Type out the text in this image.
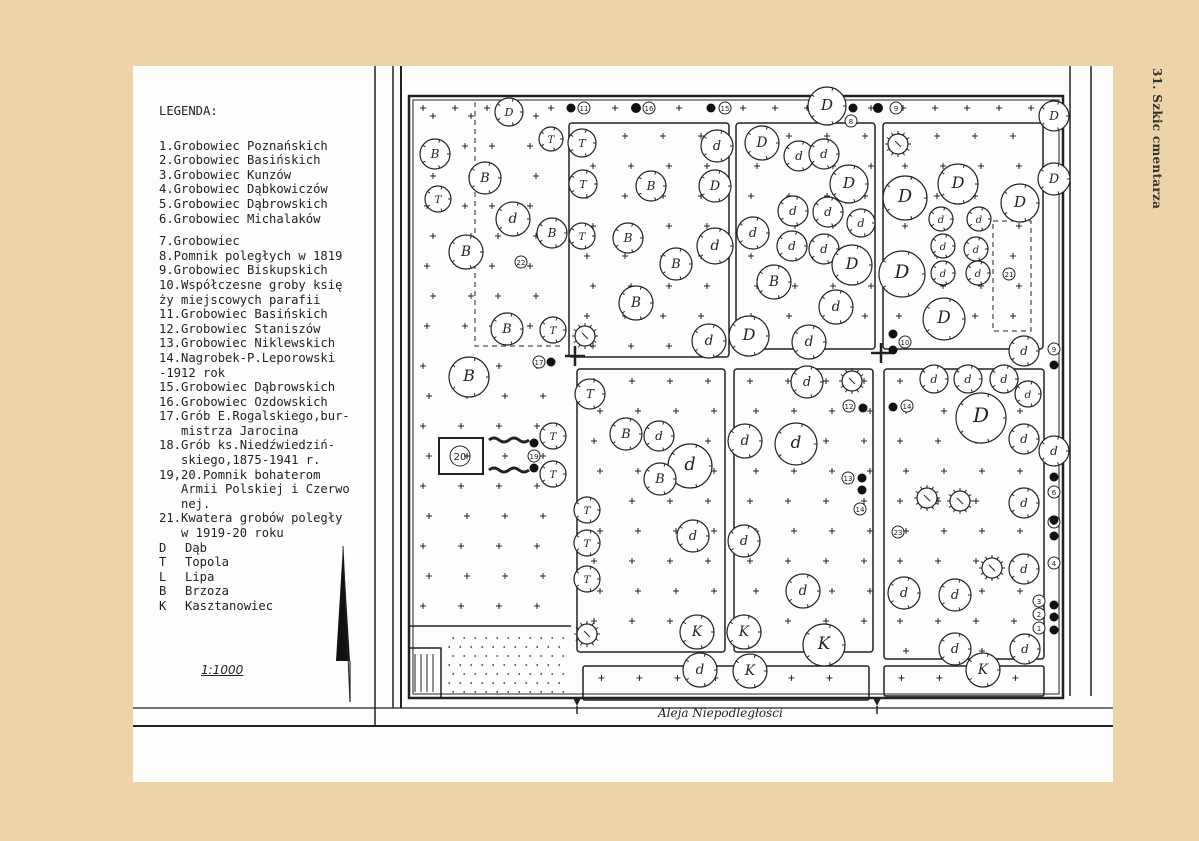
20
D	D
D
B
T	d	D
d d
D
B
T
T
T	B	D	D
D
D
D
d
B T	B	d
d
d d
d	d	d
B
B
d d
D D
d	d
d	d
B
B	d	D
B	T
d D	d
d
B
T
d	d d	d
d
D
B d	d d	d
d
d
B
T
T
T
T
T
d	d
d
d
d	d
d
K	K
K	d	d
d	K	K
17
11	16	15	9
8
10
14
12
13
14
22
21
19
9
6
4
3
2
1
23
LEGENDA:
1.Grobowiec Poznańskich
2.Grobowiec Basińskich
3.Grobowiec Kunzów
4.Grobowiec Dąbkowiczów
5.Grobowiec Dąbrowskich
6.Grobowiec Michalaków
7.Grobowiec
8.Pomnik poległych w 1819
9.Grobowiec Biskupskich
10.Współczesne groby księ
ży miejscowych parafii
11.Grobowiec Basińskich
12.Grobowiec Staniszów
13.Grobowiec Niklewskich
14.Nagrobek-P.Leporowski
-1912 rok
15.Grobowiec Dąbrowskich
16.Grobowiec Ozdowskich
17.Grób E.Rogalskiego,bur-
mistrza Jarocina
18.Grób ks.Niedźwiedziń-
skiego,1875-1941 r.
19,20.Pomnik bohaterom
Armii Polskiej i Czerwo
nej.
21.Kwatera grobów poległy
w 1919-20 roku
D	Dąb
T	Topola
L	Lipa
B	Brzoza
K	Kasztanowiec
1:1000
Aleja Niepodległości
31. Szkic cmentarza
